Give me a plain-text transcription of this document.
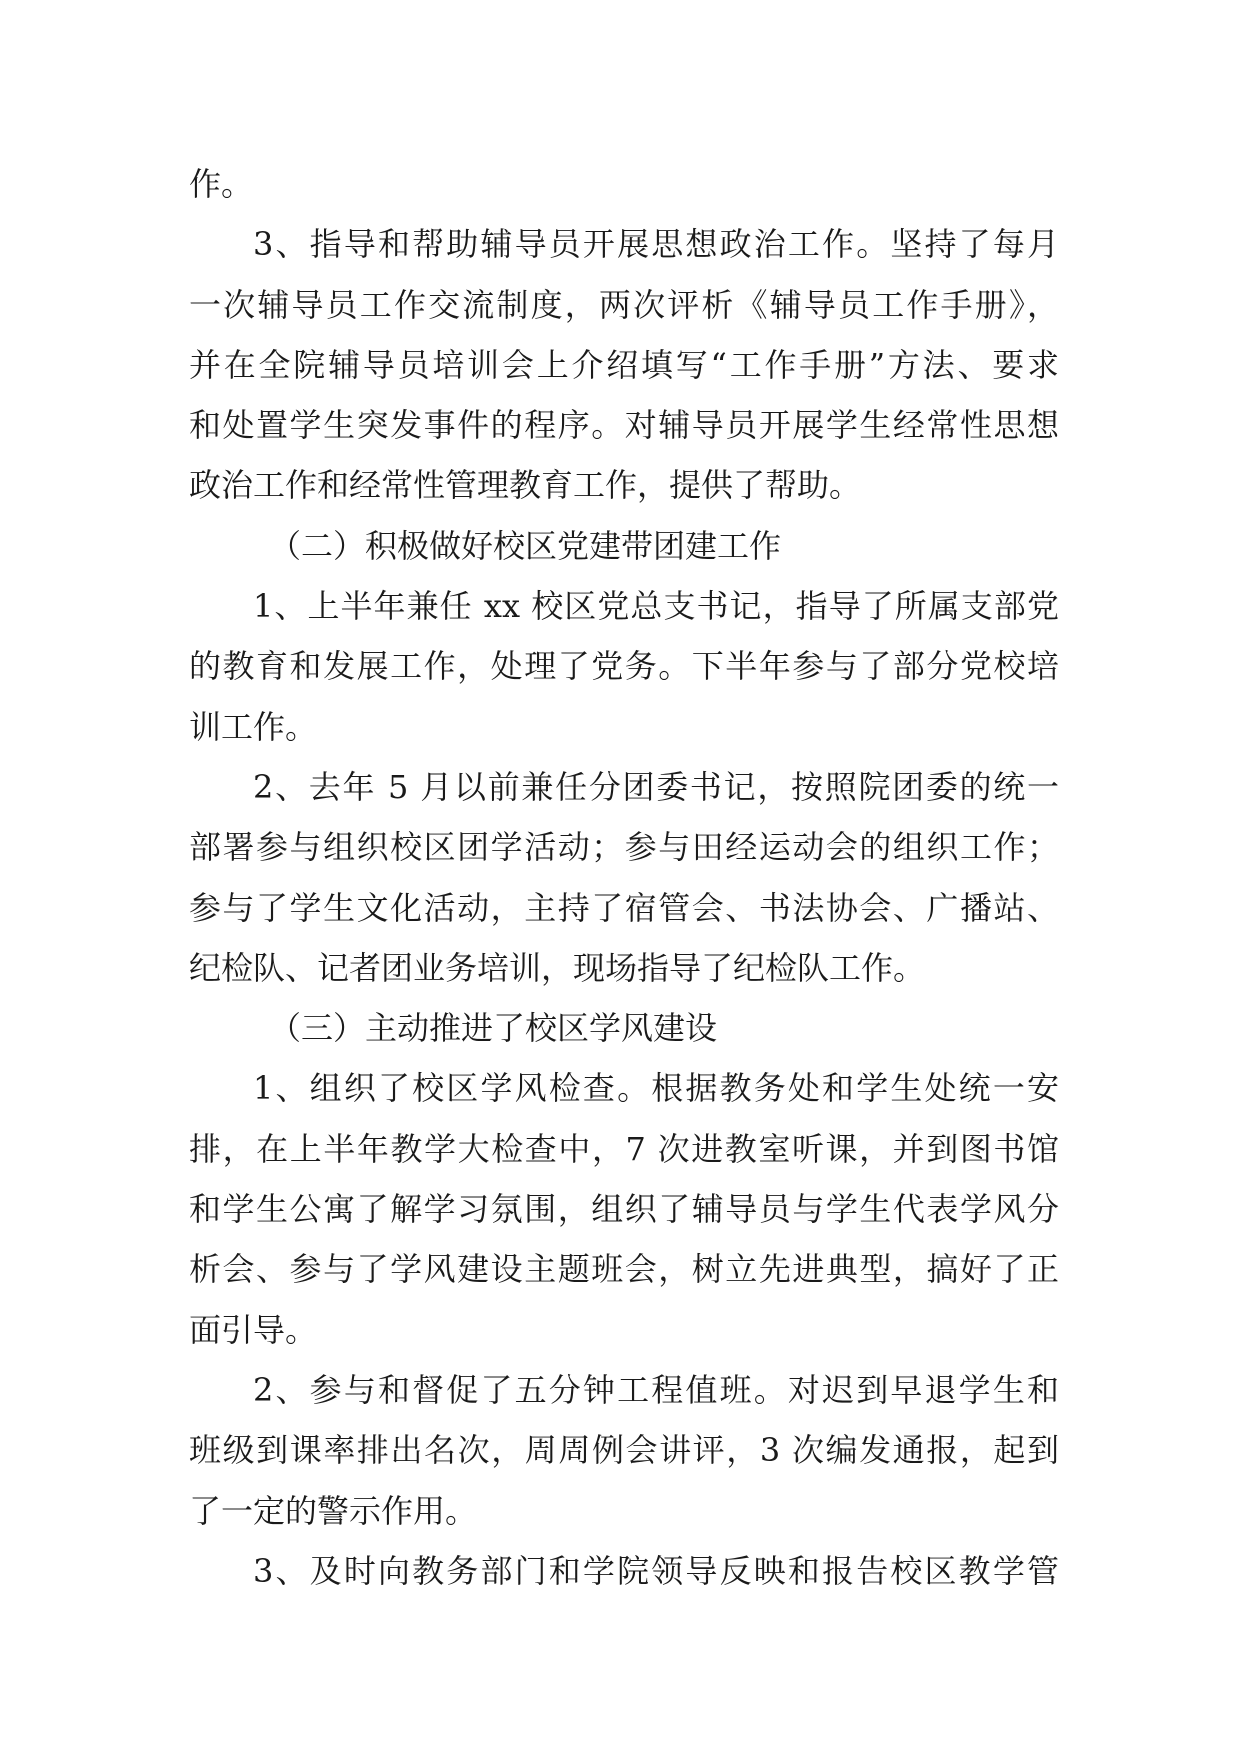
作。
3、指导和帮助辅导员开展思想政治工作。坚持了每月
一次辅导员工作交流制度，两次评析《辅导员工作手册》，
并在全院辅导员培训会上介绍填写“工作手册”方法、要求
和处置学生突发事件的程序。对辅导员开展学生经常性思想
政治工作和经常性管理教育工作，提供了帮助。
（二）积极做好校区党建带团建工作
1、上半年兼任 xx 校区党总支书记，指导了所属支部党
的教育和发展工作，处理了党务。下半年参与了部分党校培
训工作。
2、去年 5 月以前兼任分团委书记，按照院团委的统一
部署参与组织校区团学活动；参与田经运动会的组织工作；
参与了学生文化活动，主持了宿管会、书法协会、广播站、
纪检队、记者团业务培训，现场指导了纪检队工作。
（三）主动推进了校区学风建设
1、组织了校区学风检查。根据教务处和学生处统一安
排，在上半年教学大检查中，7 次进教室听课，并到图书馆
和学生公寓了解学习氛围，组织了辅导员与学生代表学风分
析会、参与了学风建设主题班会，树立先进典型，搞好了正
面引导。
2、参与和督促了五分钟工程值班。对迟到早退学生和
班级到课率排出名次，周周例会讲评，3 次编发通报，起到
了一定的警示作用。
3、及时向教务部门和学院领导反映和报告校区教学管
